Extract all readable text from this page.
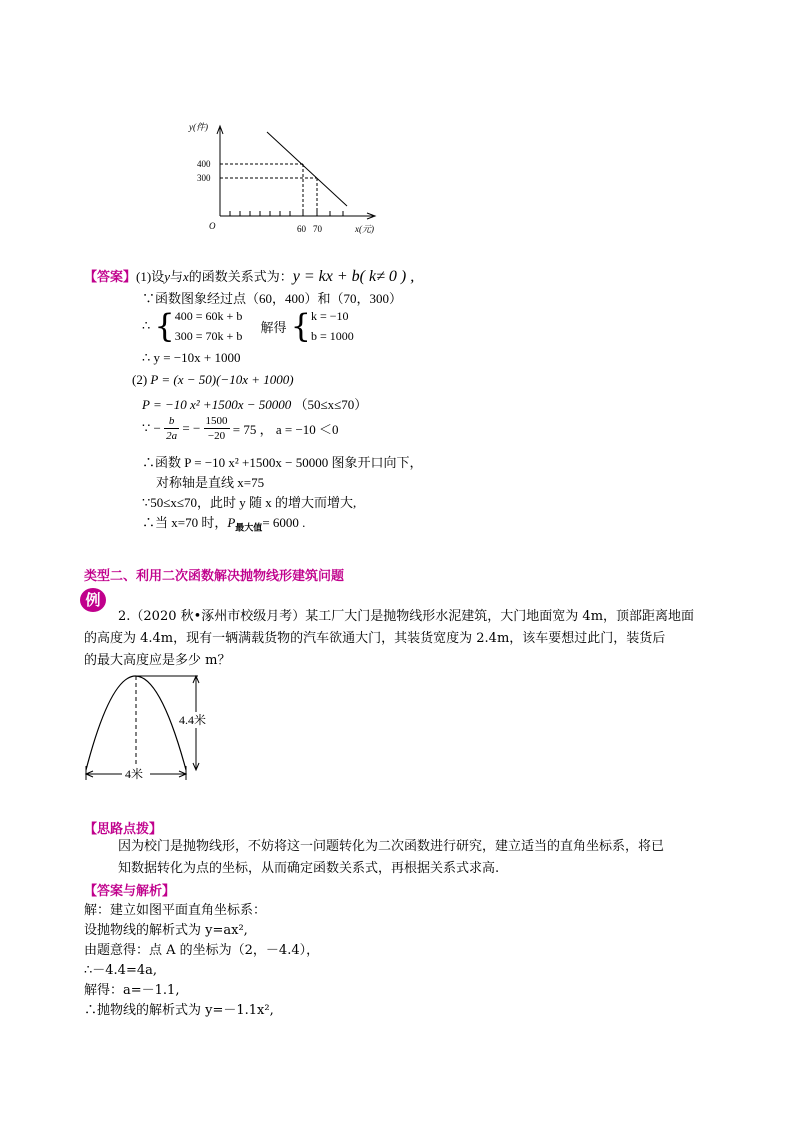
y(件)
400
300
O	60 70	x(元)
【答案】(1)设y与x的函数关系式为：y = kx + b( k≠ 0 ) ,
∵函数图象经过点（60，400）和（70，300）
∴ {400 = 60k + b
300 = 70k + b 解得 {k = −10
b = 1000
∴ y = −10x + 1000
(2) P = (x − 50)(−10x + 1000)
P = −10 x² +1500x − 50000 （50≤x≤70）
∵ − $\frac{b}{2a}$ = − $\frac{1500}{-20} = 75$ ， a = −10 ＜0
∴函数 P = −10 x² +1500x − 50000 图象开口向下，
对称轴是直线 x=75
∵50≤x≤70，此时 y 随 x 的增大而增大,
∴当 x=70 时，$P_{最大值}= 6000$ .
类型二、利用二次函数解决抛物线形建筑问题
例
2.（2020 秋•涿州市校级月考）某工厂大门是抛物线形水泥建筑，大门地面宽为 4m，顶部距离地面
的高度为 4.4m，现有一辆满载货物的汽车欲通大门，其装货宽度为 2.4m，该车要想过此门，装货后
的最大高度应是多少 m？
4.4米
4米
【思路点拨】
因为校门是抛物线形，不妨将这一问题转化为二次函数进行研究，建立适当的直角坐标系，将已
知数据转化为点的坐标，从而确定函数关系式，再根据关系式求高.
【答案与解析】
解：建立如图平面直角坐标系：
设抛物线的解析式为 y=ax²,
由题意得：点 A 的坐标为（2，－4.4），
∴－4.4=4a,
解得：a=－1.1,
∴抛物线的解析式为 y=－1.1x²,
